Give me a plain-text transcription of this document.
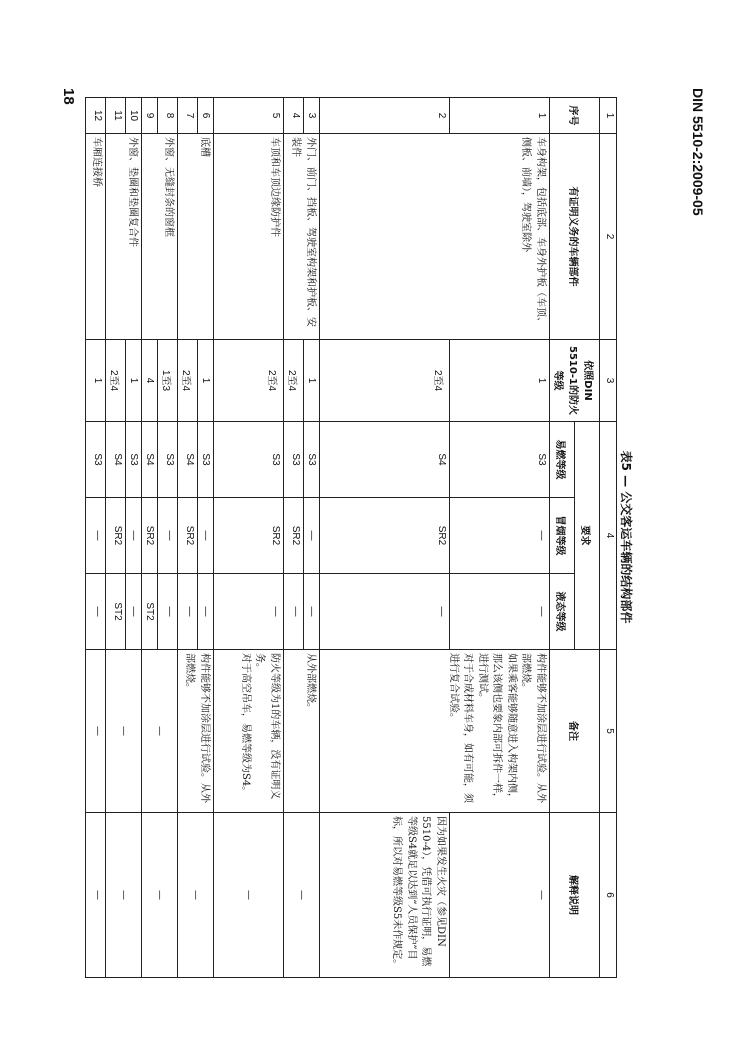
DIN 5510-2:2009-05
18
表5 — 公交客运车辆的结构部件
1	2	3	4			5	6
序号	有证明义务的车辆部件	依照DIN 5510-1的防火等级	要求			备注	解释说明
			易燃等级	冒烟等级	液态等级		
1	车身构架，包括底部、车身外护板（车顶、侧板、前墙），驾驶室除外	1	S3	—	—	构件能够不加涂层进行试验。从外部燃烧。
如果乘客能够随意进入构架内侧，那么该侧也要象内部可拆件一样，进行测试。
对于合成材料车身，如有可能，须进行复合试验。	—
2		2至4	S4	SR2	—		因为如果发生火灾（参见DIN 5510-4），凭借可执行证明，易燃等级S4就足以达到“人员保护”目标，所以对易燃等级S5未作规定。
3	外门、前门、挡板、驾驶室构架和护板、安装件	1	S3	—	—	从外部燃烧。	—
4		2至4	S3	SR2	—		
5	车顶和车顶边缘防护件	2至4	S3	SR2	—	防火等级为1的车辆，没有证明义务。
对于高空吊车，易燃等级为S4。	—
6	底槽	1	S3	—	—	构件能够不加涂层进行试验。从外部燃烧。	—
7		2至4	S4	SR2	—		
8	外窗、无缝封条的窗框	1至3	S3	—	—	—	—
9		4	S4	SR2	ST2		
10	外窗、垫圈和垫圈复合件	1	S3	—	—	—	—
11		2至4	S4	SR2	ST2		
12	车厢连接桥	1	S3	—	—	—	—
